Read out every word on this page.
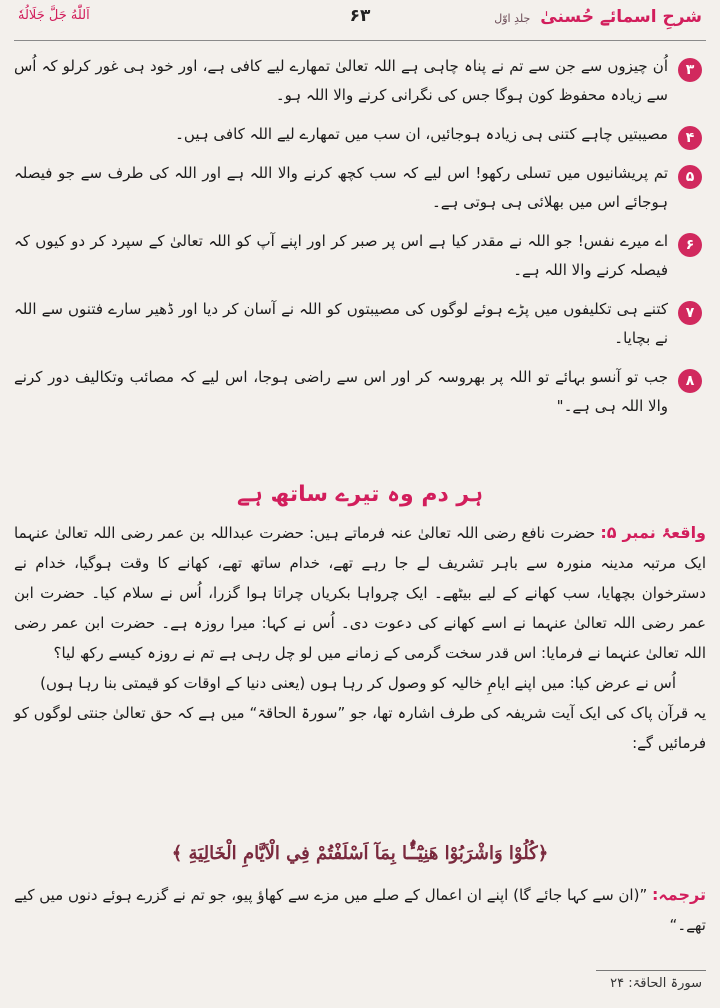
شرحِ اسمائے حُسنیٰ جلدِ اوّل
۶۳
اَللّٰهُ جَلَّ جَلَالُهٗ
۳
اُن چیزوں سے جن سے تم نے پناہ چاہی ہے اللہ تعالیٰ تمھارے لیے کافی ہے، اور خود ہی غور کرلو کہ اُس سے زیادہ محفوظ کون ہوگا جس کی نگرانی کرنے والا اللہ ہو۔
۴
مصیبتیں چاہے کتنی ہی زیادہ ہوجائیں، ان سب میں تمھارے لیے اللہ کافی ہیں۔
۵
تم پریشانیوں میں تسلی رکھو! اس لیے کہ سب کچھ کرنے والا اللہ ہے اور اللہ کی طرف سے جو فیصلہ ہوجائے اس میں بھلائی ہی ہوتی ہے۔
۶
اے میرے نفس! جو اللہ نے مقدر کیا ہے اس پر صبر کر اور اپنے آپ کو اللہ تعالیٰ کے سپرد کر دو کیوں کہ فیصلہ کرنے والا اللہ ہے۔
۷
کتنے ہی تکلیفوں میں پڑے ہوئے لوگوں کی مصیبتوں کو اللہ نے آسان کر دیا اور ڈھیر سارے فتنوں سے اللہ نے بچایا۔
۸
جب تو آنسو بہائے تو اللہ پر بھروسہ کر اور اس سے راضی ہوجا، اس لیے کہ مصائب وتکالیف دور کرنے والا اللہ ہی ہے۔"
ہر دم وہ تیرے ساتھ ہے

واقعۂ نمبر ۵: حضرت نافع رضی اللہ تعالیٰ عنہ فرماتے ہیں: حضرت عبداللہ بن عمر رضی اللہ تعالیٰ عنہما ایک مرتبہ مدینہ منورہ سے باہر تشریف لے جا رہے تھے، خدام ساتھ تھے، کھانے کا وقت ہوگیا، خدام نے دسترخوان بچھایا، سب کھانے کے لیے بیٹھے۔ ایک چرواہا بکریاں چراتا ہوا گزرا، اُس نے سلام کیا۔ حضرت ابن عمر رضی اللہ تعالیٰ عنہما نے اسے کھانے کی دعوت دی۔ اُس نے کہا: میرا روزہ ہے۔ حضرت ابن عمر رضی اللہ تعالیٰ عنہما نے فرمایا: اس قدر سخت گرمی کے زمانے میں لو چل رہی ہے تم نے روزہ کیسے رکھ لیا؟

اُس نے عرض کیا: میں اپنے ایامِ خالیہ کو وصول کر رہا ہوں (یعنی دنیا کے اوقات کو قیمتی بنا رہا ہوں)

یہ قرآن پاک کی ایک آیت شریفہ کی طرف اشارہ تھا، جو ”سورۃ الحاقۃ“ میں ہے کہ حق تعالیٰ جنتی لوگوں کو فرمائیں گے:

﴿كُلُوْا وَاشْرَبُوْا هَنِيْٓـًٔۢا بِمَآ اَسْلَفْتُمْ فِي الْاَيَّامِ الْخَالِيَةِ ﴾

ترجمہ: ”(ان سے کہا جائے گا) اپنے ان اعمال کے صلے میں مزے سے کھاؤ پیو، جو تم نے گزرے ہوئے دنوں میں کیے تھے۔“

سورۃ الحاقۃ: ۲۴
